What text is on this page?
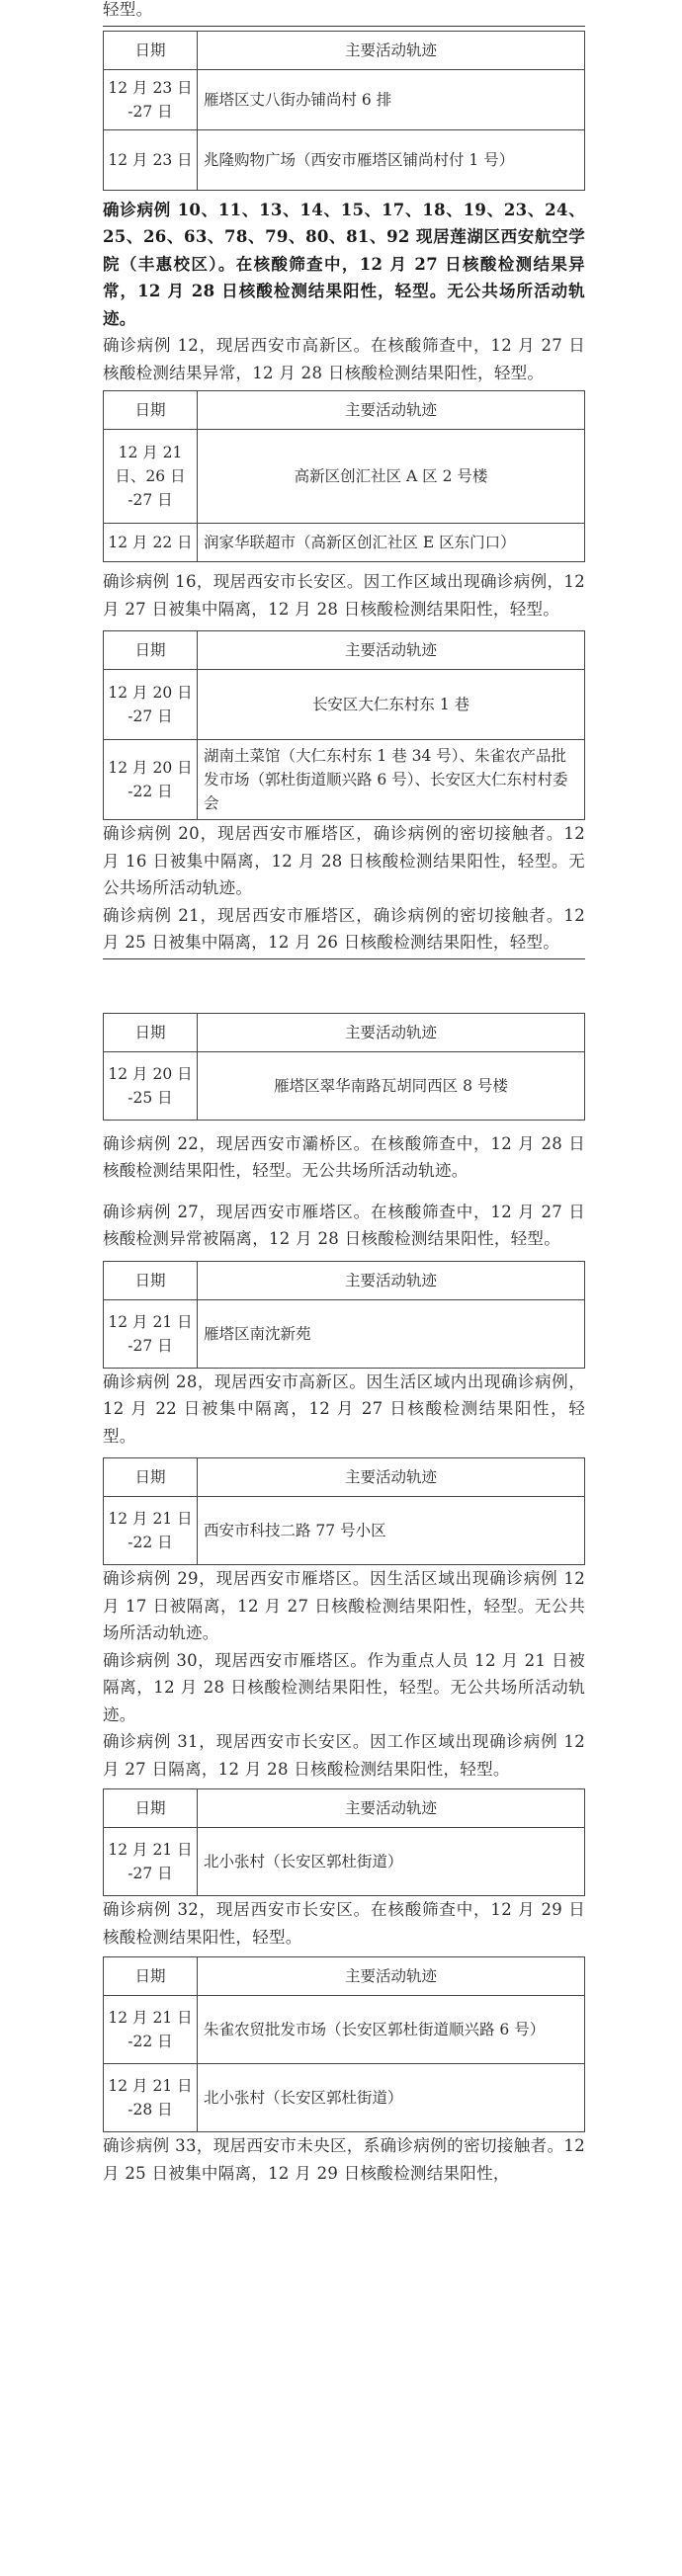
轻型。

日期	主要活动轨迹
12 月 23 日
-27 日	雁塔区丈八街办铺尚村 6 排
12 月 23 日	兆隆购物广场（西安市雁塔区铺尚村付 1 号）

确诊病例 10、11、13、14、15、17、18、19、23、24、25、26、63、78、79、80、81、92 现居莲湖区西安航空学院（丰惠校区）。在核酸筛查中，12 月 27 日核酸检测结果异常，12 月 28 日核酸检测结果阳性，轻型。无公共场所活动轨迹。

确诊病例 12，现居西安市高新区。在核酸筛查中，12 月 27 日核酸检测结果异常，12 月 28 日核酸检测结果阳性，轻型。

日期	主要活动轨迹
12 月 21
日、26 日
-27 日	高新区创汇社区 A 区 2 号楼
12 月 22 日	润家华联超市（高新区创汇社区 E 区东门口）

确诊病例 16，现居西安市长安区。因工作区域出现确诊病例，12 月 27 日被集中隔离，12 月 28 日核酸检测结果阳性，轻型。

日期	主要活动轨迹
12 月 20 日
-27 日	长安区大仁东村东 1 巷
12 月 20 日
-22 日	湖南土菜馆（大仁东村东 1 巷 34 号）、朱雀农产品批发市场（郭杜街道顺兴路 6 号）、长安区大仁东村村委会

确诊病例 20，现居西安市雁塔区，确诊病例的密切接触者。12 月 16 日被集中隔离，12 月 28 日核酸检测结果阳性，轻型。无公共场所活动轨迹。

确诊病例 21，现居西安市雁塔区，确诊病例的密切接触者。12 月 25 日被集中隔离，12 月 26 日核酸检测结果阳性，轻型。

日期	主要活动轨迹
12 月 20 日
-25 日	雁塔区翠华南路瓦胡同西区 8 号楼

确诊病例 22，现居西安市灞桥区。在核酸筛查中，12 月 28 日核酸检测结果阳性，轻型。无公共场所活动轨迹。

确诊病例 27，现居西安市雁塔区。在核酸筛查中，12 月 27 日核酸检测异常被隔离，12 月 28 日核酸检测结果阳性，轻型。

日期	主要活动轨迹
12 月 21 日
-27 日	雁塔区南沈新苑

确诊病例 28，现居西安市高新区。因生活区域内出现确诊病例，12 月 22 日被集中隔离，12 月 27 日核酸检测结果阳性，轻型。

日期	主要活动轨迹
12 月 21 日
-22 日	西安市科技二路 77 号小区

确诊病例 29，现居西安市雁塔区。因生活区域出现确诊病例 12 月 17 日被隔离，12 月 27 日核酸检测结果阳性，轻型。无公共场所活动轨迹。

确诊病例 30，现居西安市雁塔区。作为重点人员 12 月 21 日被隔离，12 月 28 日核酸检测结果阳性，轻型。无公共场所活动轨迹。

确诊病例 31，现居西安市长安区。因工作区域出现确诊病例 12 月 27 日隔离，12 月 28 日核酸检测结果阳性，轻型。

日期	主要活动轨迹
12 月 21 日
-27 日	北小张村（长安区郭杜街道）

确诊病例 32，现居西安市长安区。在核酸筛查中，12 月 29 日核酸检测结果阳性，轻型。

日期	主要活动轨迹
12 月 21 日
-22 日	朱雀农贸批发市场（长安区郭杜街道顺兴路 6 号）
12 月 21 日
-28 日	北小张村（长安区郭杜街道）

确诊病例 33，现居西安市未央区，系确诊病例的密切接触者。12 月 25 日被集中隔离，12 月 29 日核酸检测结果阳性，
